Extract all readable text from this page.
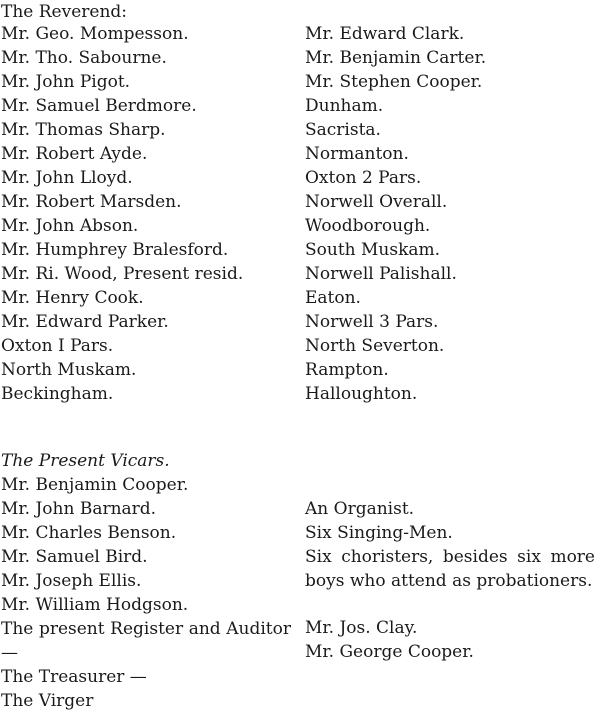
The Reverend:
Mr. Geo. Mompesson.
Mr. Tho. Sabourne.
Mr. John Pigot.
Mr. Samuel Berdmore.
Mr. Thomas Sharp.
Mr. Robert Ayde.
Mr. John Lloyd.
Mr. Robert Marsden.
Mr. John Abson.
Mr. Humphrey Bralesford.
Mr. Ri. Wood, Present resid.
Mr. Henry Cook.
Mr. Edward Parker.
Oxton I Pars.
North Muskam.
Beckingham.
Mr. Edward Clark.
Mr. Benjamin Carter.
Mr. Stephen Cooper.
Dunham.
Sacrista.
Normanton.
Oxton 2 Pars.
Norwell Overall.
Woodborough.
South Muskam.
Norwell Palishall.
Eaton.
Norwell 3 Pars.
North Severton.
Rampton.
Halloughton.
The Present Vicars.
Mr. Benjamin Cooper.
Mr. John Barnard.
Mr. Charles Benson.
Mr. Samuel Bird.
Mr. Joseph Ellis.
Mr. William Hodgson.
The present Register and Auditor —
The Treasurer —
The Virger
An Organist.
Six Singing-Men.
Six choristers, besides six more boys who attend as probationers.
Mr. Jos. Clay.
Mr. George Cooper.
